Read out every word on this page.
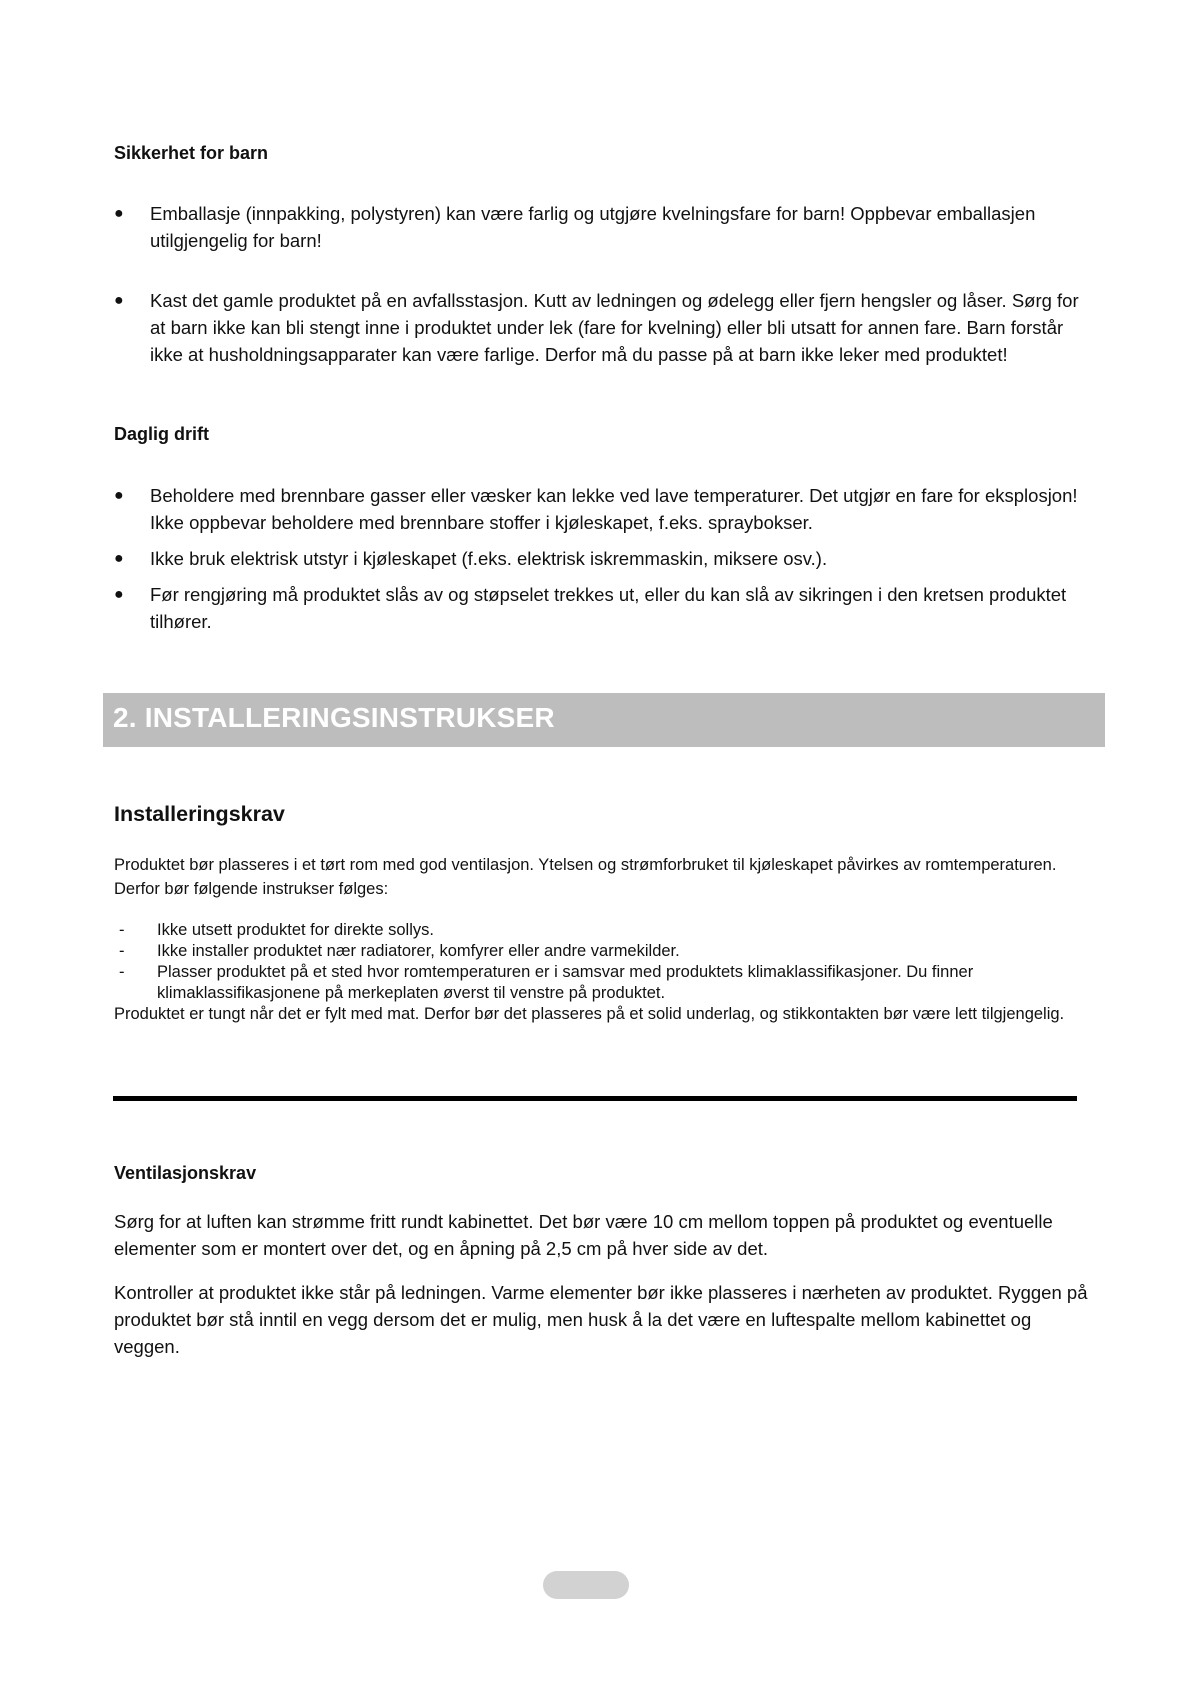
Sikkerhet for barn
●	Emballasje (innpakking, polystyren) kan være farlig og utgjøre kvelningsfare for barn! Oppbevar emballasjen utilgjengelig for barn!
●	Kast det gamle produktet på en avfallsstasjon. Kutt av ledningen og ødelegg eller fjern hengsler og låser. Sørg for at barn ikke kan bli stengt inne i produktet under lek (fare for kvelning) eller bli utsatt for annen fare. Barn forstår ikke at husholdningsapparater kan være farlige. Derfor må du passe på at barn ikke leker med produktet!
Daglig drift
●	Beholdere med brennbare gasser eller væsker kan lekke ved lave temperaturer. Det utgjør en fare for eksplosjon! Ikke oppbevar beholdere med brennbare stoffer i kjøleskapet, f.eks. spraybokser.
●	Ikke bruk elektrisk utstyr i kjøleskapet (f.eks. elektrisk iskremmaskin, miksere osv.).
●	Før rengjøring må produktet slås av og støpselet trekkes ut, eller du kan slå av sikringen i den kretsen produktet tilhører.
2. INSTALLERINGSINSTRUKSER
Installeringskrav

Produktet bør plasseres i et tørt rom med god ventilasjon. Ytelsen og strømforbruket til kjøleskapet påvirkes av romtemperaturen. Derfor bør følgende instrukser følges:

- Ikke utsett produktet for direkte sollys.
- Ikke installer produktet nær radiatorer, komfyrer eller andre varmekilder.
- Plasser produktet på et sted hvor romtemperaturen er i samsvar med produktets klimaklassifikasjoner. Du finner klimaklassifikasjonene på merkeplaten øverst til venstre på produktet.

Produktet er tungt når det er fylt med mat. Derfor bør det plasseres på et solid underlag, og stikkontakten bør være lett tilgjengelig.

Ventilasjonskrav

Sørg for at luften kan strømme fritt rundt kabinettet. Det bør være 10 cm mellom toppen på produktet og eventuelle elementer som er montert over det, og en åpning på 2,5 cm på hver side av det.

Kontroller at produktet ikke står på ledningen. Varme elementer bør ikke plasseres i nærheten av produktet. Ryggen på produktet bør stå inntil en vegg dersom det er mulig, men husk å la det være en luftespalte mellom kabinettet og veggen.
